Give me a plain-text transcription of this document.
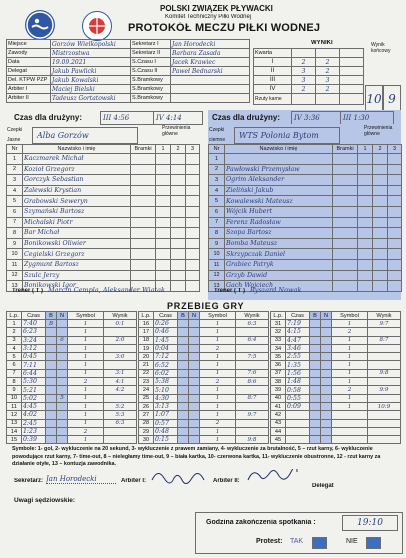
POLSKI ZWIĄZEK PŁYWACKI
Komitet Techniczny Piłki Wodnej
PROTOKÓŁ MECZU PIŁKI WODNEJ
Miejsce	Gorzów Wielkopolski	Sekretarz I	Jan Horodecki
Zawody	Mistrzostwa	Sekretarz II	Barbara Zasada
Data	19.09.2021	S.Czasu I	Jacek Krawiec
Delegat	Jakub Pawlicki	S.Czasu II	Paweł Bednarski
Del. KTPW PZP	Jakub Kowalski	S.Bramkowy	
Arbiter I	Maciej Bielski	S.Bramkowy	
Arbiter II	Tadeusz Gortatowski	S.Bramkowy	
WYNIKI	Wynik końcowy
Kwarta			
I	2	2	
II	3	2	
III	3	3	
IV	2	2	
Rzuty karne				10 9
Czas dla drużyny:	III 4:56	IV 4:14
Czepki Jasne	Alba Gorzów
Przewinienia główne
Nr	Nazwisko i imię	Bramki	1	2	3
1	Kaczmarek Michał				
2	Kozioł Grzegorz				
3	Gorczyk Sebastian				
4	Zalewski Krystian				
5	Grabowski Seweryn				
6	Szymański Bartosz				
7	Michalski Piotr				
8	Bar Michał				
9	Bonikowski Oliwier				
10	Cegielski Grzegorz				
11	Zygmunt Bartosz				
12	Szulc Jerzy				
13	Bonikowski Igor				
Czas dla drużyny:	IV 3:36	III 1:30
Czepki ciemne	WTS Polonia Bytom
Przewinienia główne
Nr	Nazwisko i imię	Bramki	1	2	3
1					
2	Pawłowski Przemysław				
3	Ogrim Aleksander				
4	Zieliński Jakub				
5	Kowalewski Mateusz				
6	Wójcik Hubert				
7	Ferenz Radosław				
8	Szopa Bartosz				
9	Bomba Mateusz				
10	Skrzypczak Daniel				
11	Grabiec Patryk				
12	Grzyb Dawid				
13	Gach Wojciech				
Trener ( T ) Marcin Cempla, Aleksander Wiatak	Trener ( T ) Ryszard Nowak
PRZEBIEG GRY
L.p.	Czas	B	N	Symbol	Wynik
1	7:40	B		1	0:1
2	6:23			1	
3	3:24		6	1	2:0
4	3:12			1	
5	0:45			1	3:0
6	7:11			1	
7	6:44			1	3:1
8	5:30			2	4:1
9	5:21			1	4:2
10	5:02		5	1	
11	4:45			1	5:2
12	4:02			1	5:3
13	2:45			1	6:3
14	1:23			2	
15	0:39			1	
L.p.	Czas	B	N	Symbol	Wynik
16	0:26			1	6:3
17	0:46			1	
18	1:45			1	6:4
19	0:04			2	
20	7:12			1	7:5
21	6:52			1	
22	6:02			1	7:6
23	5:38			2	8:6
24	5:10			1	
25	4:30			1	8:7
26	3:13			1	
27	1:07			1	9:7
28	0:57			2	
29	0:48			1	
30	0:15			1	9:8
L.p.	Czas	B	N	Symbol	Wynik
31	7:19			1	9:7
32	4:15			2	
33	4:47			1	8:7
34	3:46			1	
35	2:55			1	
36	1:35			1	
37	1:56			1	9:8
38	1:48			1	
39	0:58			2	9:9
40	0:55			1	
41	0:09			1	10:9
42					
43					
44					
45					
Symbole: 1- gol, 2- wykluczenie na 20 sekund, 3- wykluczenie z prawem zamiany, 4- wykluczenie za brutalność, 5 – rzut karny, 6- wykluczenie powodujące rzut karny, 7- time-out, 8 – nieległamy time-out, 9 – biała kartka, 10- czerwona kartka, 11- wykluczenie obustronne, 12 - rzut karny za działanie otyłe, 13 – kontuzja zawodnika.
Sekretarz: Jan Horodecki	Arbiter I:	Arbiter II:
Delegat
Uwagi sędziowskie:
Godzina zakończenia spotkania :	19:10
Protest: TAK	NIE
